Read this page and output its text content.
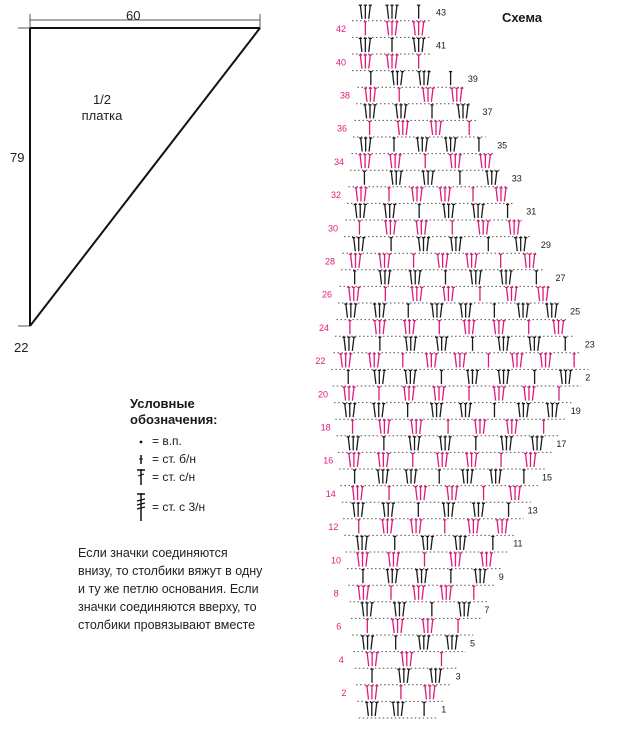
60
79
22
1/2
платка
Условные
обозначения:
= в.п.
= ст. б/н
= ст. с/н
= ст. с 3/н
Если значки соединяются
внизу, то столбики вяжут в одну
и ту же петлю основания. Если
значки соединяются вверху, то
столбики провязывают вместе
Схема
1
2
3
4
5
6
7
8
9
10
11
12
13
14
15
16
17
18
19
20
2
22
23
24
25
26
27
28
29
30
31
32
33
34
35
36
37
38
39
40
41
42
43
